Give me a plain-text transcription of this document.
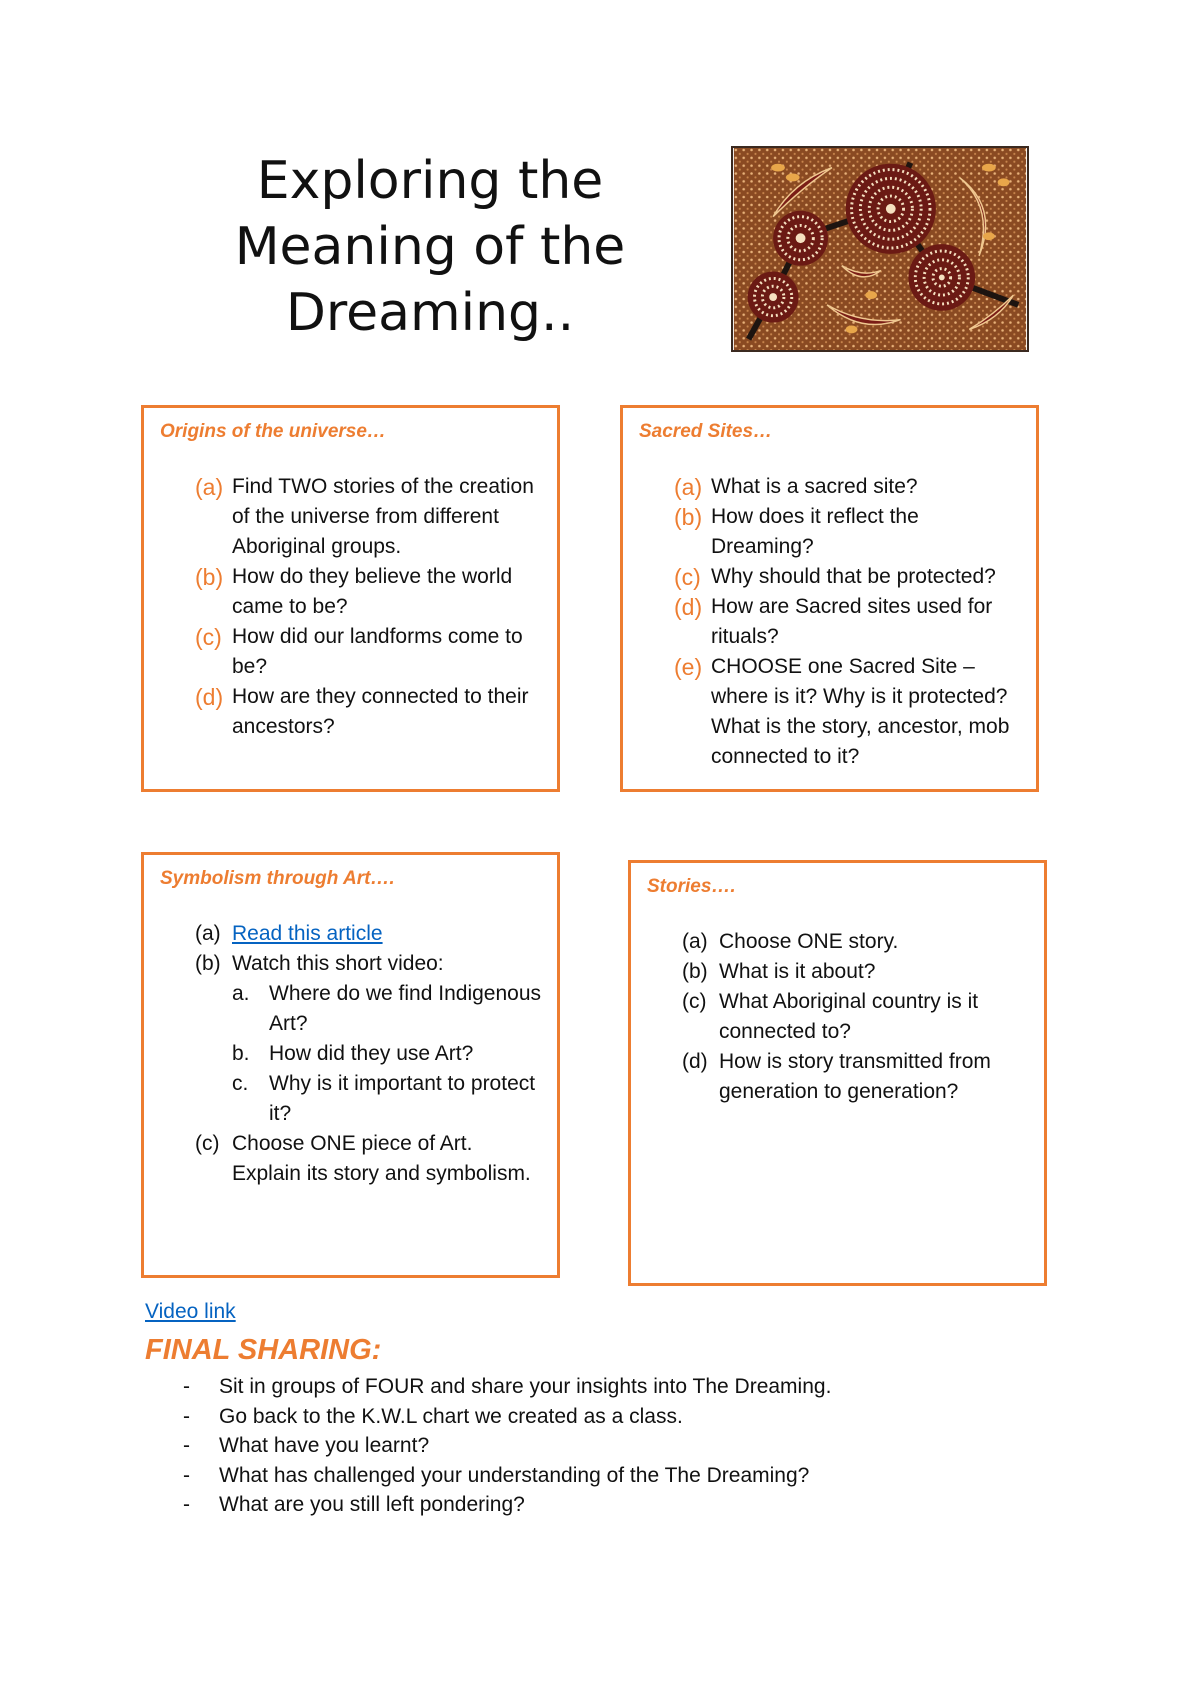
Exploring the
Meaning of the
Dreaming..
Origins of the universe…
(a) Find TWO stories of the creation of the universe from different Aboriginal groups.
(b) How do they believe the world came to be?
(c) How did our landforms come to be?
(d) How are they connected to their ancestors?
Sacred Sites…
(a) What is a sacred site?
(b) How does it reflect the Dreaming?
(c) Why should that be protected?
(d) How are Sacred sites used for rituals?
(e) CHOOSE one Sacred Site – where is it? Why is it protected? What is the story, ancestor, mob connected to it?
Symbolism through Art….
(a) Read this article
(b) Watch this short video:
a. Where do we find Indigenous Art?
b. How did they use Art?
c. Why is it important to protect it?
(c) Choose ONE piece of Art. Explain its story and symbolism.
Stories….
(a) Choose ONE story.
(b) What is it about?
(c) What Aboriginal country is it connected to?
(d) How is story transmitted from generation to generation?
Video link
FINAL SHARING:
-	Sit in groups of FOUR and share your insights into The Dreaming.
-	Go back to the K.W.L chart we created as a class.
-	What have you learnt?
-	What has challenged your understanding of the The Dreaming?
-	What are you still left pondering?
